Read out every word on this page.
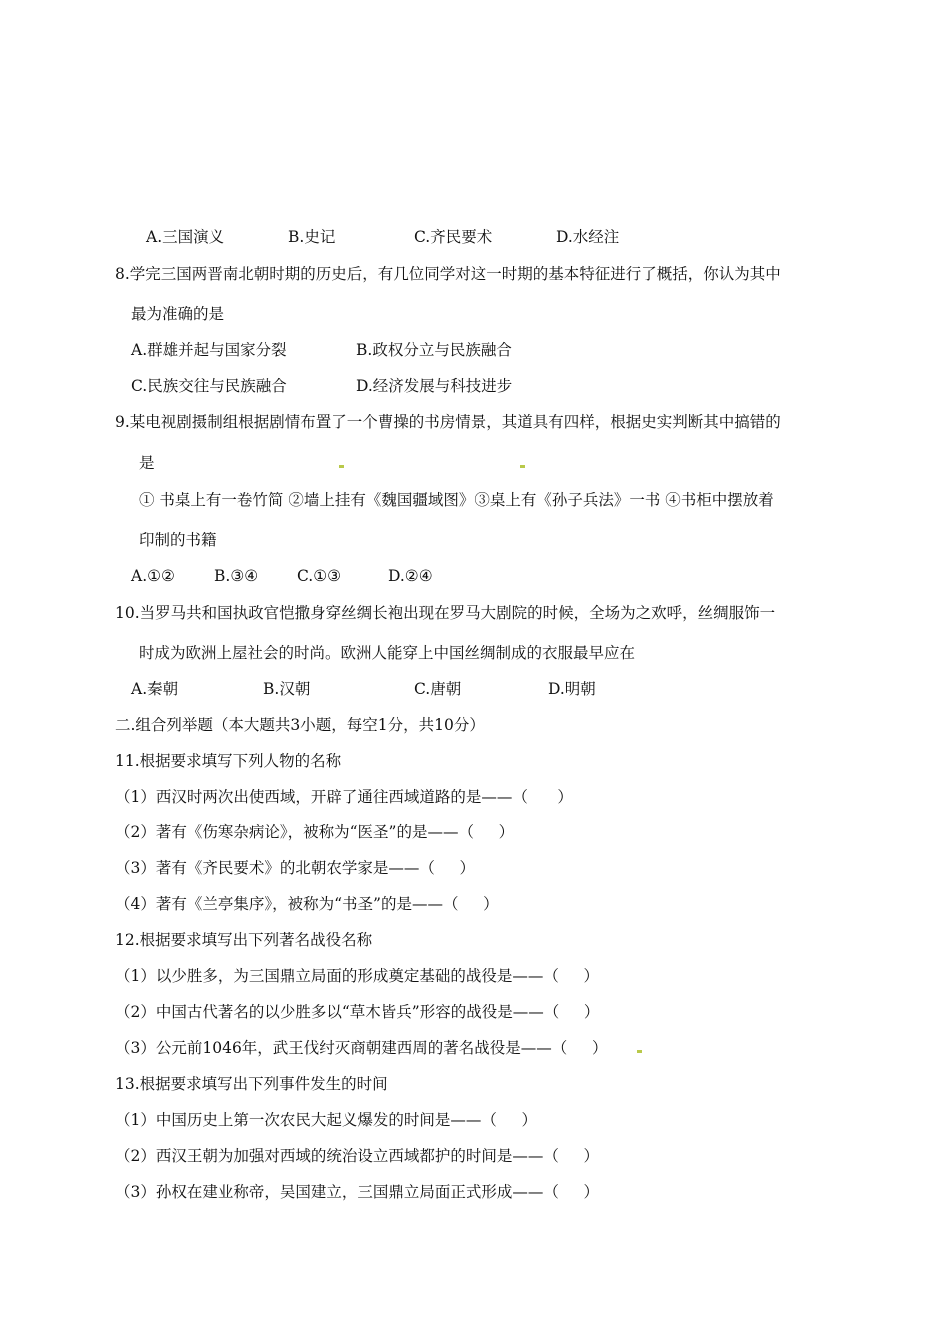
A.三国演义	B.史记	C.齐民要术	D.水经注
8.学完三国两晋南北朝时期的历史后，有几位同学对这一时期的基本特征进行了概括，你认为其中
最为准确的是
A.群雄并起与国家分裂	B.政权分立与民族融合
C.民族交往与民族融合	D.经济发展与科技进步
9.某电视剧摄制组根据剧情布置了一个曹操的书房情景，其道具有四样，根据史实判断其中搞错的
是
① 书桌上有一卷竹简 ②墙上挂有《魏国疆域图》③桌上有《孙子兵法》一书 ④书柜中摆放着
印制的书籍
A.①②	B.③④	C.①③	D.②④
10.当罗马共和国执政官恺撒身穿丝绸长袍出现在罗马大剧院的时候，全场为之欢呼，丝绸服饰一
时成为欧洲上屋社会的时尚。欧洲人能穿上中国丝绸制成的衣服最早应在
A.秦朝	B.汉朝	C.唐朝	D.明朝
二.组合列举题（本大题共3小题，每空1分，共10分）
11.根据要求填写下列人物的名称
（1）西汉时两次出使西域，开辟了通往西域道路的是——（      ）
（2）著有《伤寒杂病论》，被称为“医圣”的是——（     ）
（3）著有《齐民要术》的北朝农学家是——（     ）
（4）著有《兰亭集序》，被称为“书圣”的是——（     ）
12.根据要求填写出下列著名战役名称
（1）以少胜多，为三国鼎立局面的形成奠定基础的战役是——（     ）
（2）中国古代著名的以少胜多以“草木皆兵”形容的战役是——（     ）
（3）公元前1046年，武王伐纣灭商朝建西周的著名战役是——（     ）
13.根据要求填写出下列事件发生的时间
（1）中国历史上第一次农民大起义爆发的时间是——（     ）
（2）西汉王朝为加强对西域的统治设立西域都护的时间是——（     ）
（3）孙权在建业称帝，吴国建立，三国鼎立局面正式形成——（     ）
